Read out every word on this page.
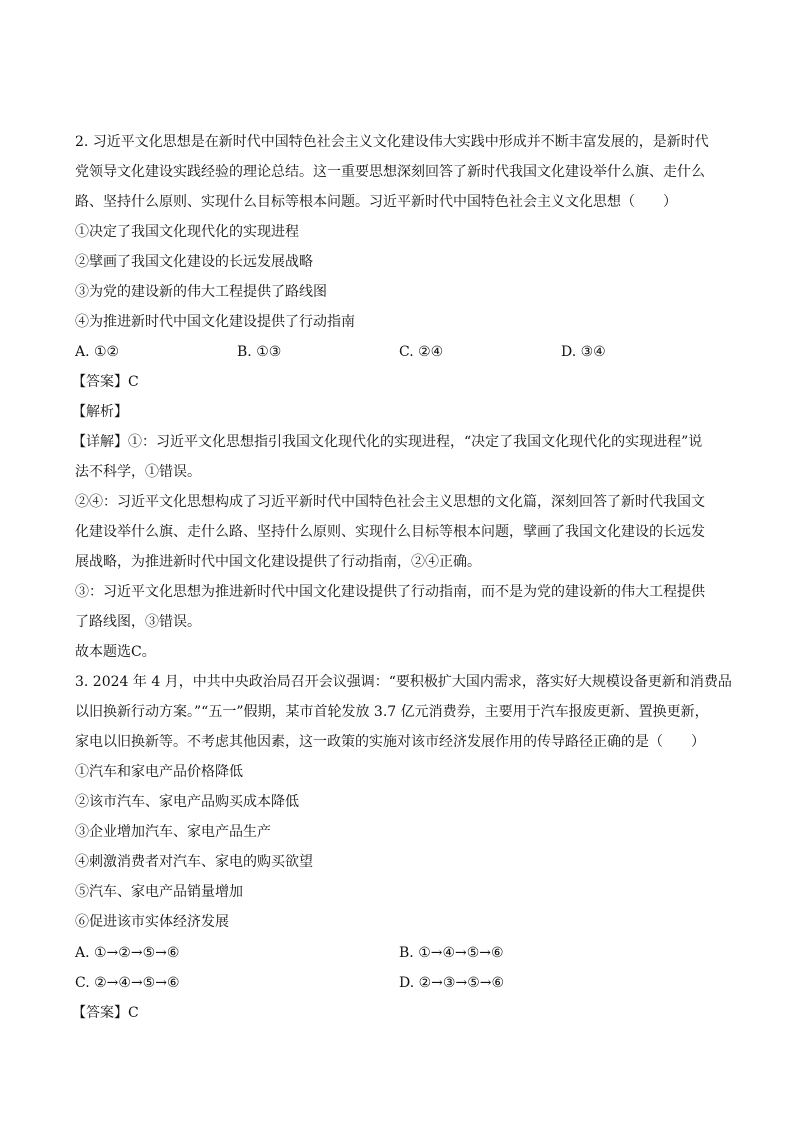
2. 习近平文化思想是在新时代中国特色社会主义文化建设伟大实践中形成并不断丰富发展的，是新时代
党领导文化建设实践经验的理论总结。这一重要思想深刻回答了新时代我国文化建设举什么旗、走什么
路、坚持什么原则、实现什么目标等根本问题。习近平新时代中国特色社会主义文化思想（　　）
①决定了我国文化现代化的实现进程
②擘画了我国文化建设的长远发展战略
③为党的建设新的伟大工程提供了路线图
④为推进新时代中国文化建设提供了行动指南
A. ①②	B. ①③	C. ②④	D. ③④
【答案】C
【解析】
【详解】①：习近平文化思想指引我国文化现代化的实现进程，“决定了我国文化现代化的实现进程”说
法不科学，①错误。
②④：习近平文化思想构成了习近平新时代中国特色社会主义思想的文化篇，深刻回答了新时代我国文
化建设举什么旗、走什么路、坚持什么原则、实现什么目标等根本问题，擘画了我国文化建设的长远发
展战略，为推进新时代中国文化建设提供了行动指南，②④正确。
③：习近平文化思想为推进新时代中国文化建设提供了行动指南，而不是为党的建设新的伟大工程提供
了路线图，③错误。
故本题选C。
3. 2024 年 4 月，中共中央政治局召开会议强调：“要积极扩大国内需求，落实好大规模设备更新和消费品
以旧换新行动方案。”“五一”假期，某市首轮发放 3.7 亿元消费券，主要用于汽车报废更新、置换更新，
家电以旧换新等。不考虑其他因素，这一政策的实施对该市经济发展作用的传导路径正确的是（　　）
①汽车和家电产品价格降低
②该市汽车、家电产品购买成本降低
③企业增加汽车、家电产品生产
④刺激消费者对汽车、家电的购买欲望
⑤汽车、家电产品销量增加
⑥促进该市实体经济发展
A. ①→②→⑤→⑥	B. ①→④→⑤→⑥
C. ②→④→⑤→⑥	D. ②→③→⑤→⑥
【答案】C
